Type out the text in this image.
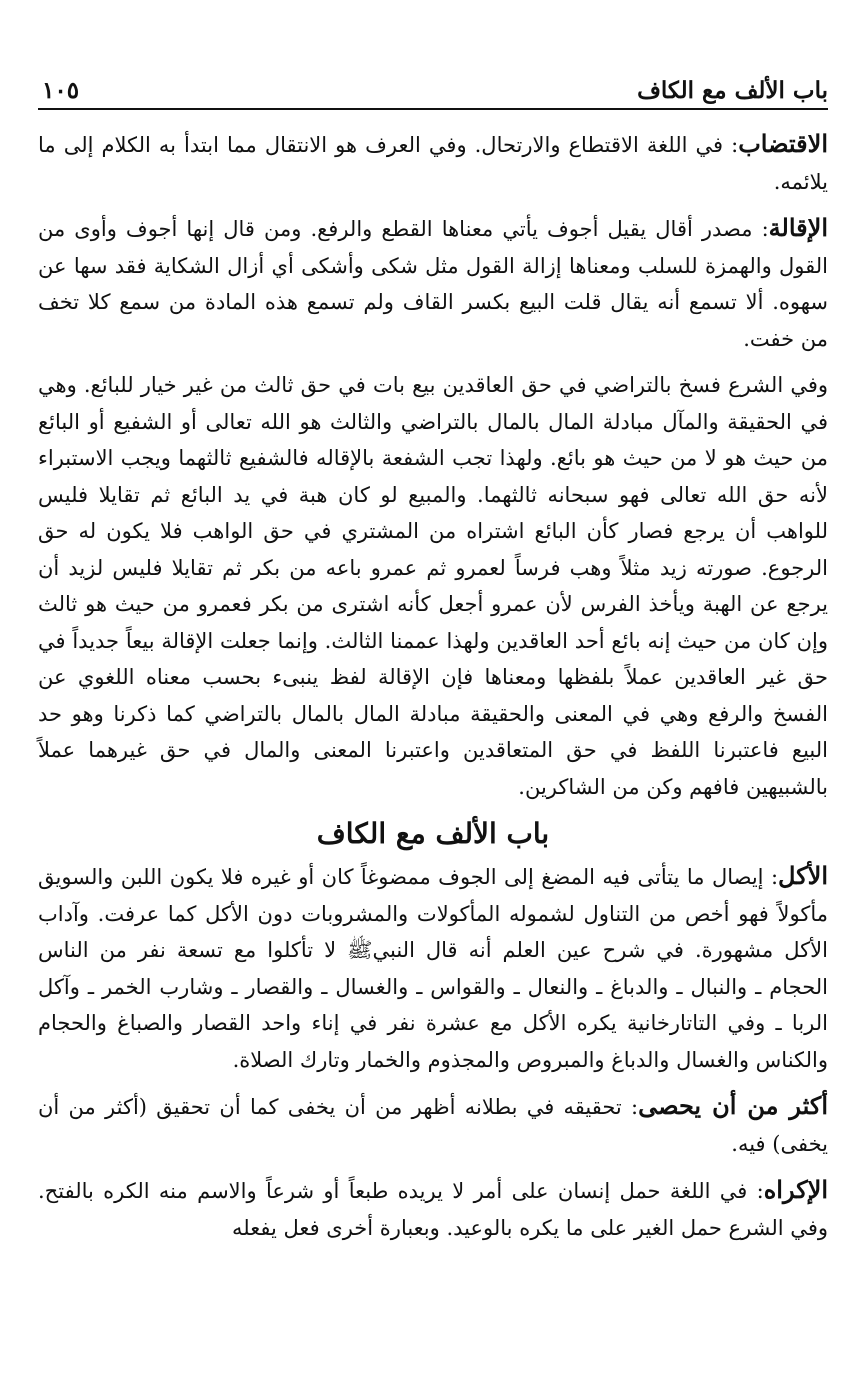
باب الألف مع الكاف
١٠٥

الاقتضاب: في اللغة الاقتطاع والارتحال. وفي العرف هو الانتقال مما ابتدأ به الكلام إلى ما يلائمه.

الإقالة: مصدر أقال يقيل أجوف يأتي معناها القطع والرفع. ومن قال إنها أجوف وأوى من القول والهمزة للسلب ومعناها إزالة القول مثل شكى وأشكى أي أزال الشكاية فقد سها عن سهوه. ألا تسمع أنه يقال قلت البيع بكسر القاف ولم تسمع هذه المادة من سمع كلا تخف من خفت.

وفي الشرع فسخ بالتراضي في حق العاقدين بيع بات في حق ثالث من غير خيار للبائع. وهي في الحقيقة والمآل مبادلة المال بالمال بالتراضي والثالث هو الله تعالى أو الشفيع أو البائع من حيث هو لا من حيث هو بائع. ولهذا تجب الشفعة بالإقاله فالشفيع ثالثهما ويجب الاستبراء لأنه حق الله تعالى فهو سبحانه ثالثهما. والمبيع لو كان هبة في يد البائع ثم تقايلا فليس للواهب أن يرجع فصار كأن البائع اشتراه من المشتري في حق الواهب فلا يكون له حق الرجوع. صورته زيد مثلاً وهب فرساً لعمرو ثم عمرو باعه من بكر ثم تقايلا فليس لزيد أن يرجع عن الهبة ويأخذ الفرس لأن عمرو أجعل كأنه اشترى من بكر فعمرو من حيث هو ثالث وإن كان من حيث إنه بائع أحد العاقدين ولهذا عممنا الثالث. وإنما جعلت الإقالة بيعاً جديداً في حق غير العاقدين عملاً بلفظها ومعناها فإن الإقالة لفظ ينبىء بحسب معناه اللغوي عن الفسخ والرفع وهي في المعنى والحقيقة مبادلة المال بالمال بالتراضي كما ذكرنا وهو حد البيع فاعتبرنا اللفظ في حق المتعاقدين واعتبرنا المعنى والمال في حق غيرهما عملاً بالشبيهين فافهم وكن من الشاكرين.

باب الألف مع الكاف

الأكل: إيصال ما يتأتى فيه المضغ إلى الجوف ممضوغاً كان أو غيره فلا يكون اللبن والسويق مأكولاً فهو أخص من التناول لشموله المأكولات والمشروبات دون الأكل كما عرفت. وآداب الأكل مشهورة. في شرح عين العلم أنه قال النبيﷺ لا تأكلوا مع تسعة نفر من الناس الحجام ـ والنبال ـ والدباغ ـ والنعال ـ والقواس ـ والغسال ـ والقصار ـ وشارب الخمر ـ وآكل الربا ـ وفي التاتارخانية يكره الأكل مع عشرة نفر في إناء واحد القصار والصباغ والحجام والكناس والغسال والدباغ والمبروص والمجذوم والخمار وتارك الصلاة.

أكثر من أن يحصى: تحقيقه في بطلانه أظهر من أن يخفى كما أن تحقيق (أكثر من أن يخفى) فيه.

الإكراه: في اللغة حمل إنسان على أمر لا يريده طبعاً أو شرعاً والاسم منه الكره بالفتح. وفي الشرع حمل الغير على ما يكره بالوعيد. وبعبارة أخرى فعل يفعله
